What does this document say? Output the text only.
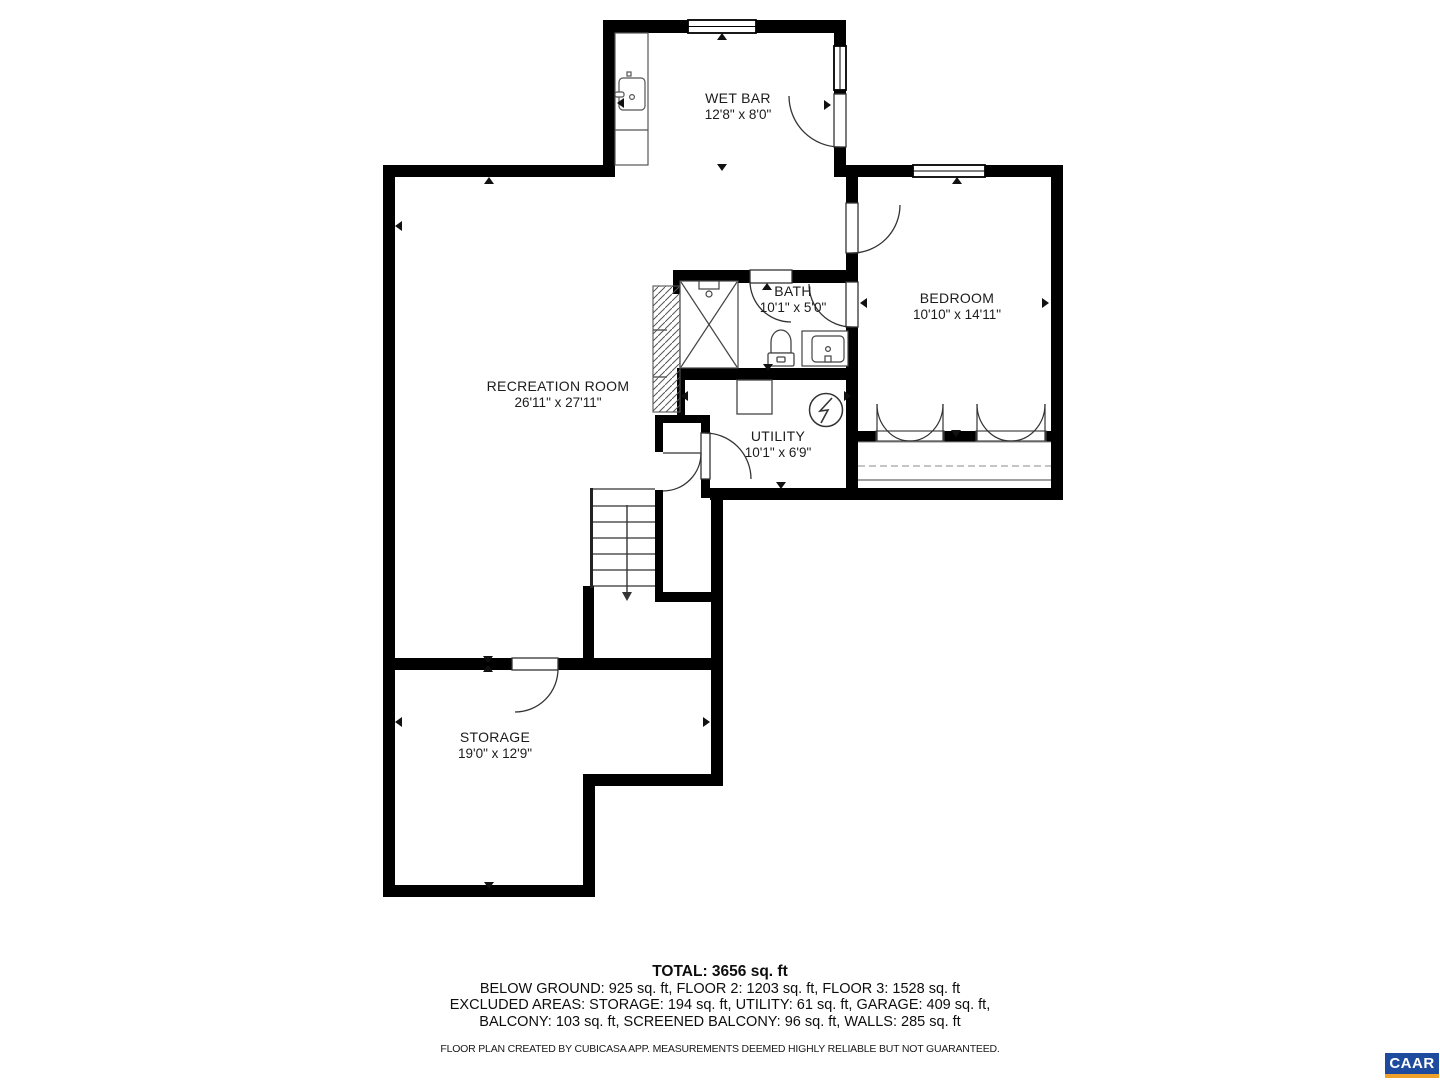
WET BAR
12'8" x 8'0"
BEDROOM
10'10" x 14'11"
BATH
10'1" x 5'0"
RECREATION ROOM
26'11" x 27'11"
UTILITY
10'1" x 6'9"
STORAGE
19'0" x 12'9"
TOTAL: 3656 sq. ft
BELOW GROUND: 925 sq. ft, FLOOR 2: 1203 sq. ft, FLOOR 3: 1528 sq. ft
EXCLUDED AREAS: STORAGE: 194 sq. ft, UTILITY: 61 sq. ft, GARAGE: 409 sq. ft,
BALCONY: 103 sq. ft, SCREENED BALCONY: 96 sq. ft, WALLS: 285 sq. ft
FLOOR PLAN CREATED BY CUBICASA APP. MEASUREMENTS DEEMED HIGHLY RELIABLE BUT NOT GUARANTEED.
CAAR
